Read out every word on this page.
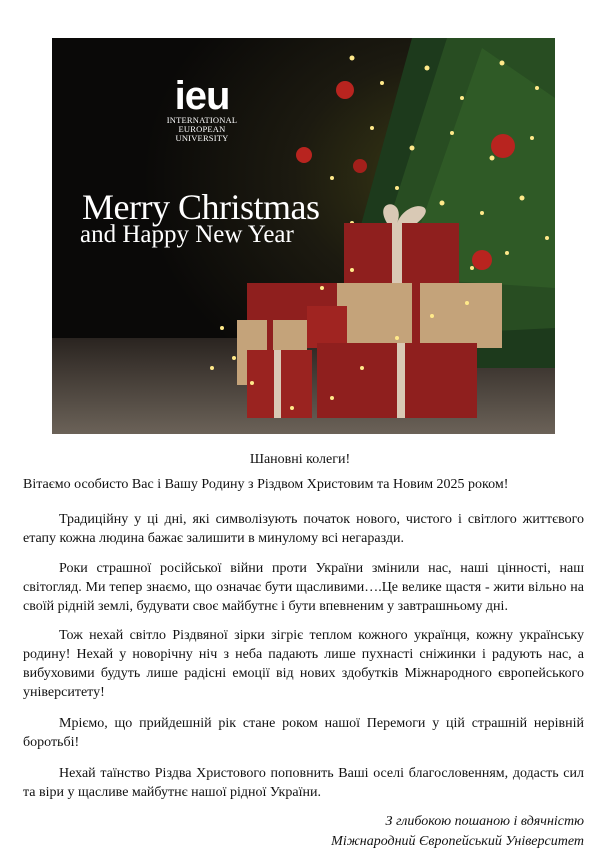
ieu
INTERNATIONAL
EUROPEAN
UNIVERSITY
Merry Christmas
and Happy New Year
Шановні колеги!
Вітаємо особисто Вас і Вашу Родину з Різдвом Христовим та Новим 2025 роком!

Традиційну у ці дні, які символізують початок нового, чистого і світлого життєвого етапу кожна людина бажає залишити в минулому всі негаразди.

Роки страшної російської війни проти України змінили нас, наші цінності, наш світогляд. Ми тепер знаємо, що означає бути щасливими….Це велике щастя - жити вільно на своїй рідній землі, будувати своє майбутнє і бути впевненим у завтрашньому дні.

Тож нехай світло Різдвяної зірки зігріє теплом кожного українця, кожну українську родину! Нехай у новорічну ніч з неба падають лише пухнасті сніжинки і радують нас, а вибуховими будуть лише радісні емоції від нових здобутків Міжнародного європейського університету!

Мріємо, що прийдешній рік стане роком нашої Перемоги у цій страшній нерівній боротьбі!

Нехай таїнство Різдва Христового поповнить Ваші оселі благословенням, додасть сил та віри у щасливе майбутнє нашої рідної України.

З глибокою пошаною і вдячністю
Міжнародний Європейський Університет
